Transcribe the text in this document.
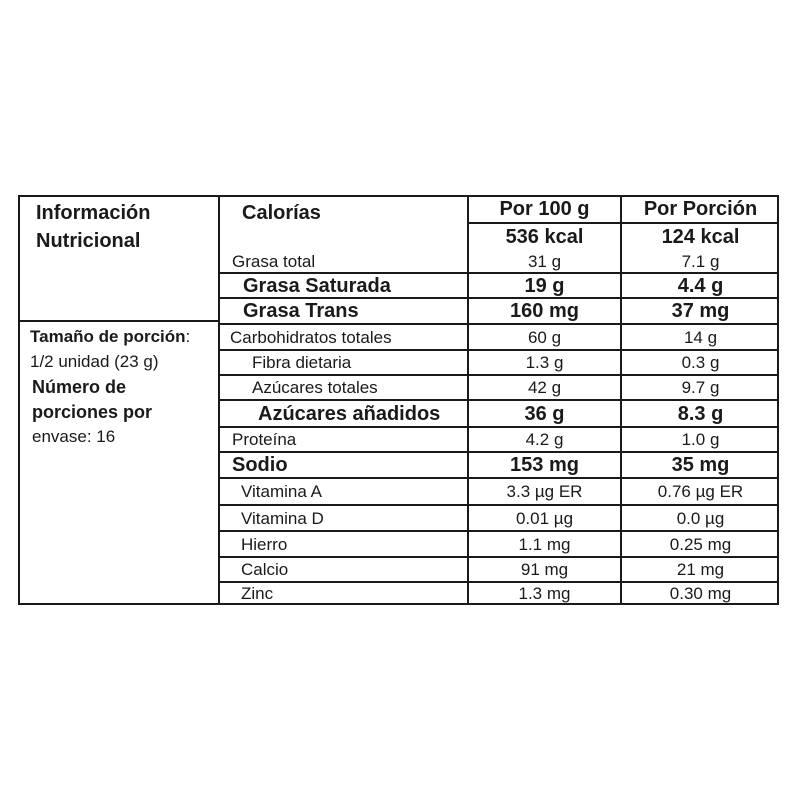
Información
Nutricional
Tamaño de porción:
1/2 unidad (23 g)
Número de
porciones por
envase: 16
Calorías	Por 100 g	Por Porción
536 kcal	124 kcal
Grasa total	31 g	7.1 g
Grasa Saturada	19 g	4.4 g
Grasa Trans	160 mg	37 mg
Carbohidratos totales	60 g	14 g
Fibra dietaria	1.3 g	0.3 g
Azúcares totales	42 g	9.7 g
Azúcares añadidos	36 g	8.3 g
Proteína	4.2 g	1.0 g
Sodio	153 mg	35 mg
Vitamina A	3.3 µg ER	0.76 µg ER
Vitamina D	0.01 µg	0.0 µg
Hierro	1.1 mg	0.25 mg
Calcio	91 mg	21 mg
Zinc	1.3 mg	0.30 mg
